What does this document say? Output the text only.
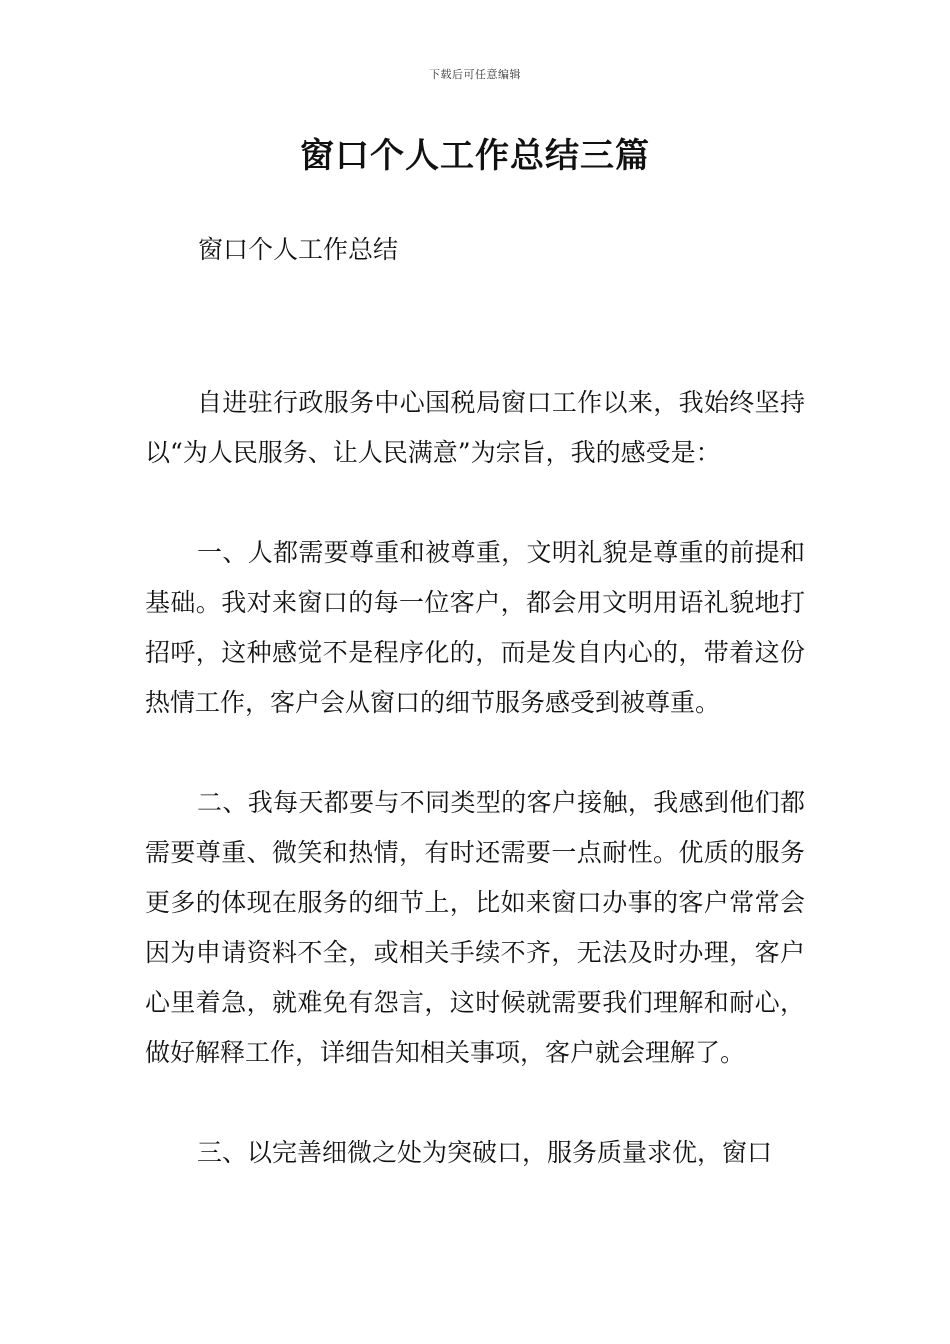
下载后可任意编辑
窗口个人工作总结三篇

窗口个人工作总结

自进驻行政服务中心国税局窗口工作以来，我始终坚持以“为人民服务、让人民满意”为宗旨，我的感受是：

一、人都需要尊重和被尊重，文明礼貌是尊重的前提和基础。我对来窗口的每一位客户，都会用文明用语礼貌地打招呼，这种感觉不是程序化的，而是发自内心的，带着这份热情工作，客户会从窗口的细节服务感受到被尊重。

二、我每天都要与不同类型的客户接触，我感到他们都需要尊重、微笑和热情，有时还需要一点耐性。优质的服务更多的体现在服务的细节上，比如来窗口办事的客户常常会因为申请资料不全，或相关手续不齐，无法及时办理，客户心里着急，就难免有怨言，这时候就需要我们理解和耐心，做好解释工作，详细告知相关事项，客户就会理解了。

三、以完善细微之处为突破口，服务质量求优，窗口
